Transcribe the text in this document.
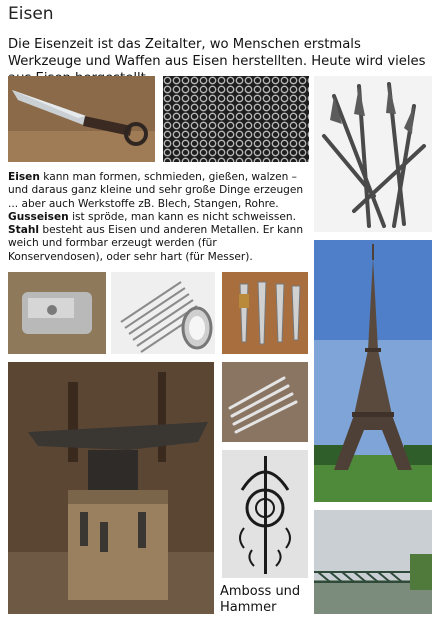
Eisen
Die Eisenzeit ist das Zeitalter, wo Menschen erstmals Werkzeuge und Waffen aus Eisen herstellten. Heute wird vieles

Eisen kann man formen, schmieden, gießen, walzen – und daraus ganz kleine und sehr große Dinge erzeugen ... aber auch Werkstoffe zB. Blech, Stangen, Rohre.

Gusseisen ist spröde, man kann es nicht schweissen.

Stahl besteht aus Eisen und anderen Metallen. Er kann weich und formbar erzeugt werden (für Konservendosen), oder sehr hart (für Messer).

Amboss und Hammer
